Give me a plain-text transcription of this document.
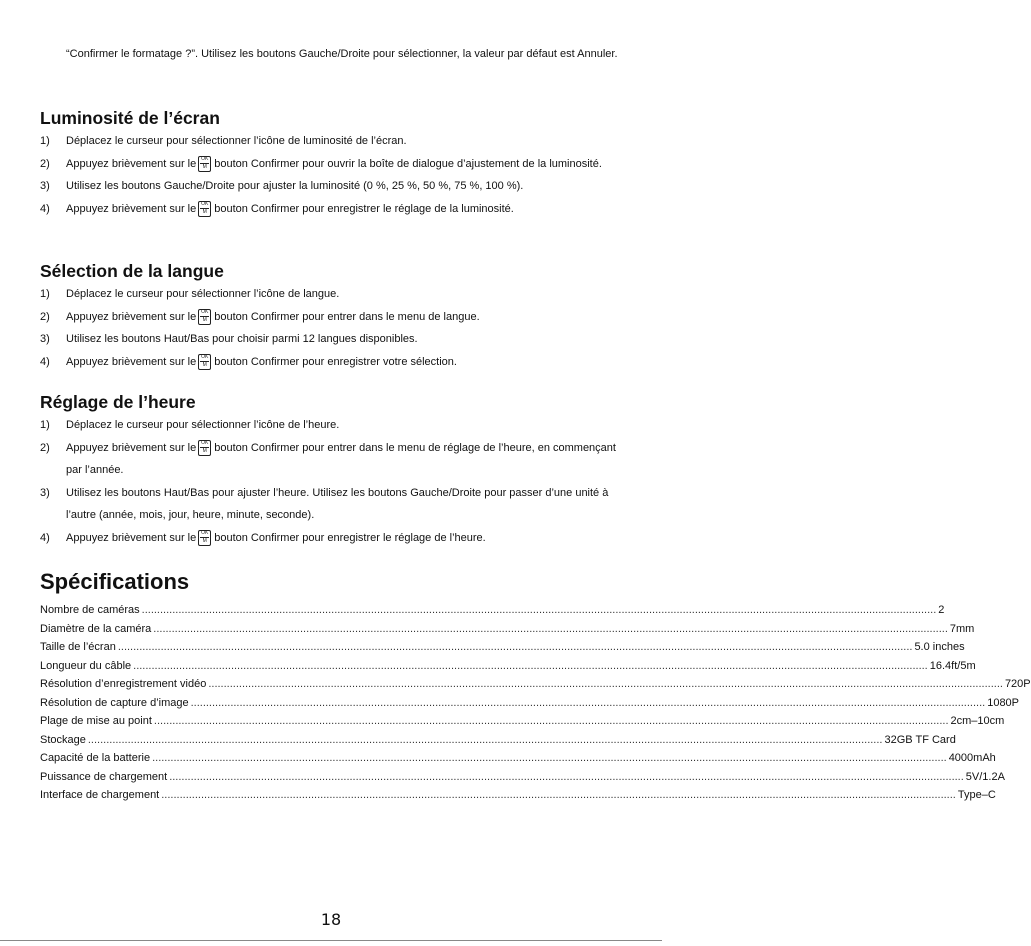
“Confirmer le formatage ?”. Utilisez les boutons Gauche/Droite pour sélectionner, la valeur par défaut est Annuler.
Luminosité de l’écran
1)	Déplacez le curseur pour sélectionner l’icône de luminosité de l’écran.
2)	Appuyez brièvement sur le $\frac{OK}{M}$ bouton Confirmer pour ouvrir la boîte de dialogue d’ajustement de la luminosité.
3)	Utilisez les boutons Gauche/Droite pour ajuster la luminosité (0 %, 25 %, 50 %, 75 %, 100 %).
4)	Appuyez brièvement sur le $\frac{OK}{M}$ bouton Confirmer pour enregistrer le réglage de la luminosité.
Sélection de la langue
1)	Déplacez le curseur pour sélectionner l’icône de langue.
2)	Appuyez brièvement sur le $\frac{OK}{M}$ bouton Confirmer pour entrer dans le menu de langue.
3)	Utilisez les boutons Haut/Bas pour choisir parmi 12 langues disponibles.
4)	Appuyez brièvement sur le $\frac{OK}{M}$ bouton Confirmer pour enregistrer votre sélection.
Réglage de l’heure
1)	Déplacez le curseur pour sélectionner l’icône de l’heure.
2)	Appuyez brièvement sur le $\frac{OK}{M}$ bouton Confirmer pour entrer dans le menu de réglage de l’heure, en commençant par l’année.
3)	Utilisez les boutons Haut/Bas pour ajuster l’heure. Utilisez les boutons Gauche/Droite pour passer d’une unité à l’autre (année, mois, jour, heure, minute, seconde).
4)	Appuyez brièvement sur le $\frac{OK}{M}$ bouton Confirmer pour enregistrer le réglage de l’heure.
Spécifications
Nombre de caméras .................................................................................................................................................................................................................................................................... 2
Diamètre de la caméra .................................................................................................................................................................................................................................................................... 7mm
Taille de l’écran .................................................................................................................................................................................................................................................................... 5.0 inches
Longueur du câble .................................................................................................................................................................................................................................................................... 16.4ft/5m
Résolution d’enregistrement vidéo .................................................................................................................................................................................................................................................................... 720P
Résolution de capture d’image .................................................................................................................................................................................................................................................................... 1080P
Plage de mise au point .................................................................................................................................................................................................................................................................... 2cm–10cm
Stockage .................................................................................................................................................................................................................................................................... 32GB TF Card
Capacité de la batterie .................................................................................................................................................................................................................................................................... 4000mAh
Puissance de chargement .................................................................................................................................................................................................................................................................... 5V/1.2A
Interface de chargement .................................................................................................................................................................................................................................................................... Type–C
18
